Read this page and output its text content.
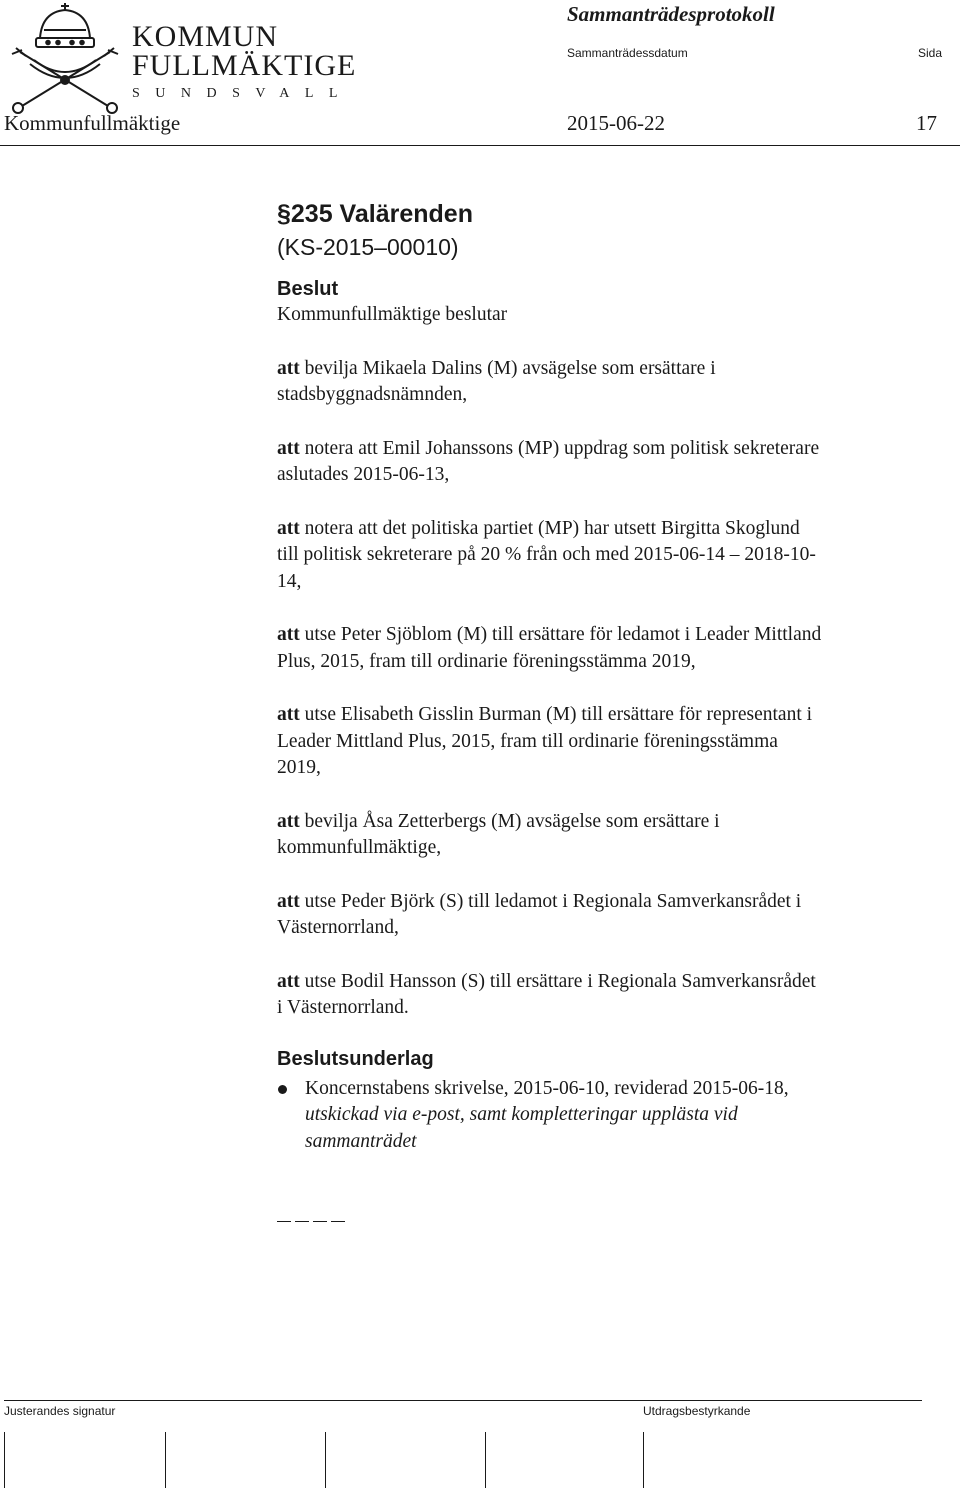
KOMMUN
FULLMÄKTIGE
SUNDSVALL
Sammanträdesprotokoll
Sammanträdessdatum	Sida
Kommunfullmäktige	2015-06-22	17
§235 Valärenden
(KS-2015–00010)
Beslut

Kommunfullmäktige beslutar

att bevilja Mikaela Dalins (M) avsägelse som ersättare i
stadsbyggnadsnämnden,

att notera att Emil Johanssons (MP) uppdrag som politisk sekreterare
aslutades 2015-06-13,

att notera att det politiska partiet (MP) har utsett Birgitta Skoglund
till politisk sekreterare på 20 % från och med 2015-06-14 – 2018-10-
14,

att utse Peter Sjöblom (M) till ersättare för ledamot i Leader Mittland
Plus, 2015, fram till ordinarie föreningsstämma 2019,

att utse Elisabeth Gisslin Burman (M) till ersättare för representant i
Leader Mittland Plus, 2015, fram till ordinarie föreningsstämma
2019,

att bevilja Åsa Zetterbergs (M) avsägelse som ersättare i
kommunfullmäktige,

att utse Peder Björk (S) till ledamot i Regionala Samverkansrådet i
Västernorrland,

att utse Bodil Hansson (S) till ersättare i Regionala Samverkansrådet
i Västernorrland.

Beslutsunderlag
Koncernstabens skrivelse, 2015-06-10, reviderad 2015-06-18,
utskickad via e-post, samt kompletteringar upplästa vid
sammanträdet
Justerandes signatur	Utdragsbestyrkande
